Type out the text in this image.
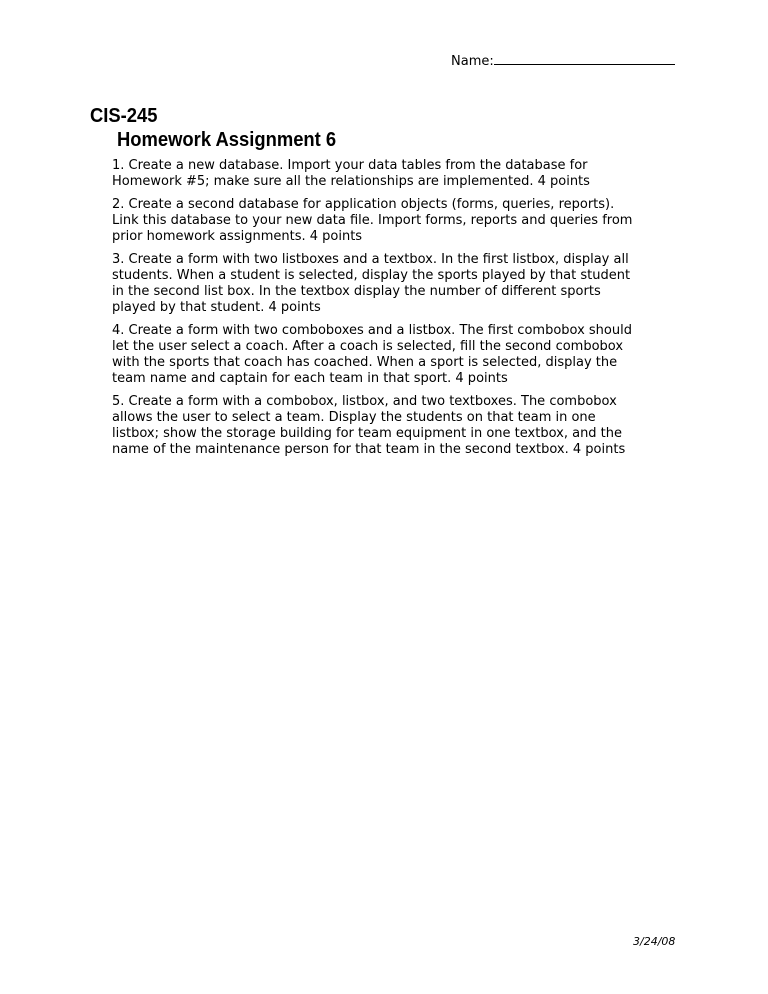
Name:
CIS-245
Homework Assignment 6
1. Create a new database. Import your data tables from the database for
Homework #5; make sure all the relationships are implemented. 4 points
2. Create a second database for application objects (forms, queries, reports).
Link this database to your new data file. Import forms, reports and queries from
prior homework assignments. 4 points
3. Create a form with two listboxes and a textbox. In the first listbox, display all
students. When a student is selected, display the sports played by that student
in the second list box. In the textbox display the number of different sports
played by that student. 4 points
4. Create a form with two comboboxes and a listbox. The first combobox should
let the user select a coach. After a coach is selected, fill the second combobox
with the sports that coach has coached. When a sport is selected, display the
team name and captain for each team in that sport. 4 points
5. Create a form with a combobox, listbox, and two textboxes. The combobox
allows the user to select a team. Display the students on that team in one
listbox; show the storage building for team equipment in one textbox, and the
name of the maintenance person for that team in the second textbox. 4 points
3/24/08
